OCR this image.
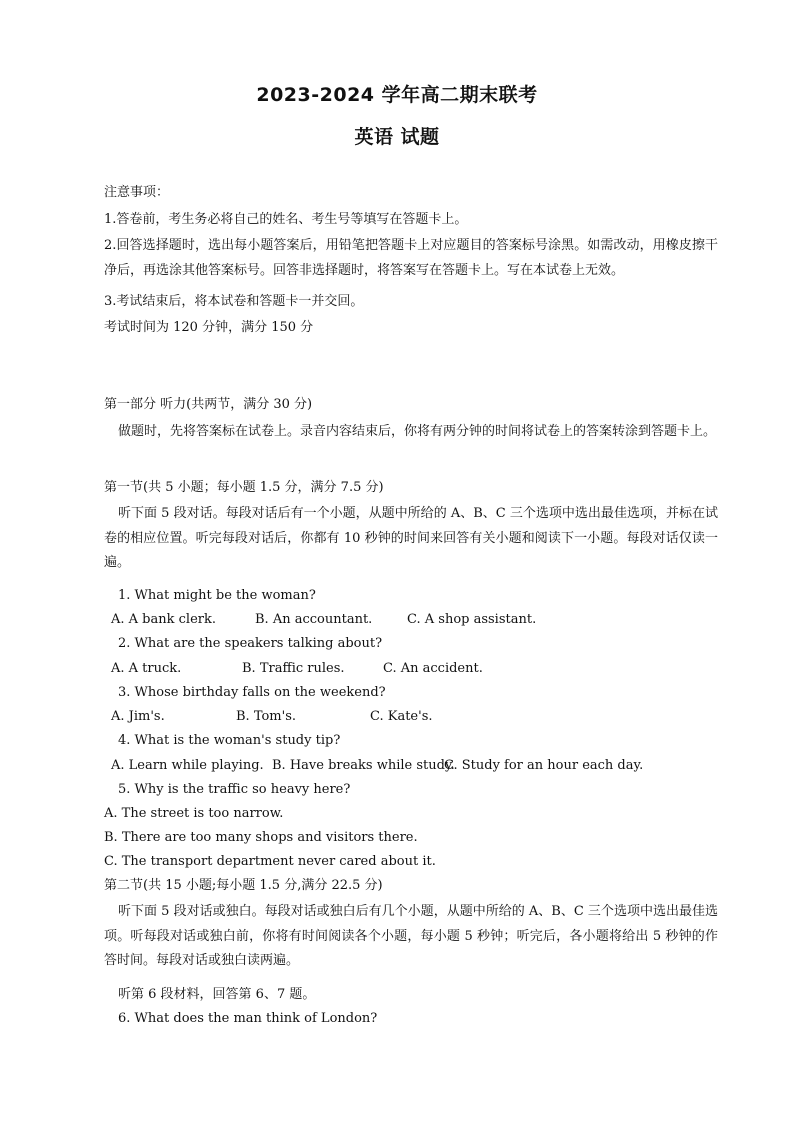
2023-2024 学年高二期末联考
英语 试题
注意事项：
1.答卷前，考生务必将自己的姓名、考生号等填写在答题卡上。
2.回答选择题时，选出每小题答案后，用铅笔把答题卡上对应题目的答案标号涂黑。如需改动，用橡皮擦干净后，再选涂其他答案标号。回答非选择题时，将答案写在答题卡上。写在本试卷上无效。
3.考试结束后，将本试卷和答题卡一并交回。
考试时间为 120 分钟，满分 150 分
第一部分 听力(共两节，满分 30 分)
做题时，先将答案标在试卷上。录音内容结束后，你将有两分钟的时间将试卷上的答案转涂到答题卡上。
第一节(共 5 小题；每小题 1.5 分，满分 7.5 分)
听下面 5 段对话。每段对话后有一个小题，从题中所给的 A、B、C 三个选项中选出最佳选项，并标在试卷的相应位置。听完每段对话后，你都有 10 秒钟的时间来回答有关小题和阅读下一小题。每段对话仅读一遍。
1. What might be the woman?
A. A bank clerk.	B. An accountant.	C. A shop assistant.
2. What are the speakers talking about?
A. A truck.	B. Traffic rules.	C. An accident.
3. Whose birthday falls on the weekend?
A. Jim's.	B. Tom's.	C. Kate's.
4. What is the woman's study tip?
A. Learn while playing. B. Have breaks while study.
C. Study for an hour each day.
5. Why is the traffic so heavy here?
A. The street is too narrow.
B. There are too many shops and visitors there.
C. The transport department never cared about it.
第二节(共 15 小题;每小题 1.5 分,满分 22.5 分)
听下面 5 段对话或独白。每段对话或独白后有几个小题，从题中所给的 A、B、C 三个选项中选出最佳选项。听每段对话或独白前，你将有时间阅读各个小题，每小题 5 秒钟；听完后，各小题将给出 5 秒钟的作答时间。每段对话或独白读两遍。
听第 6 段材料，回答第 6、7 题。
6. What does the man think of London?
